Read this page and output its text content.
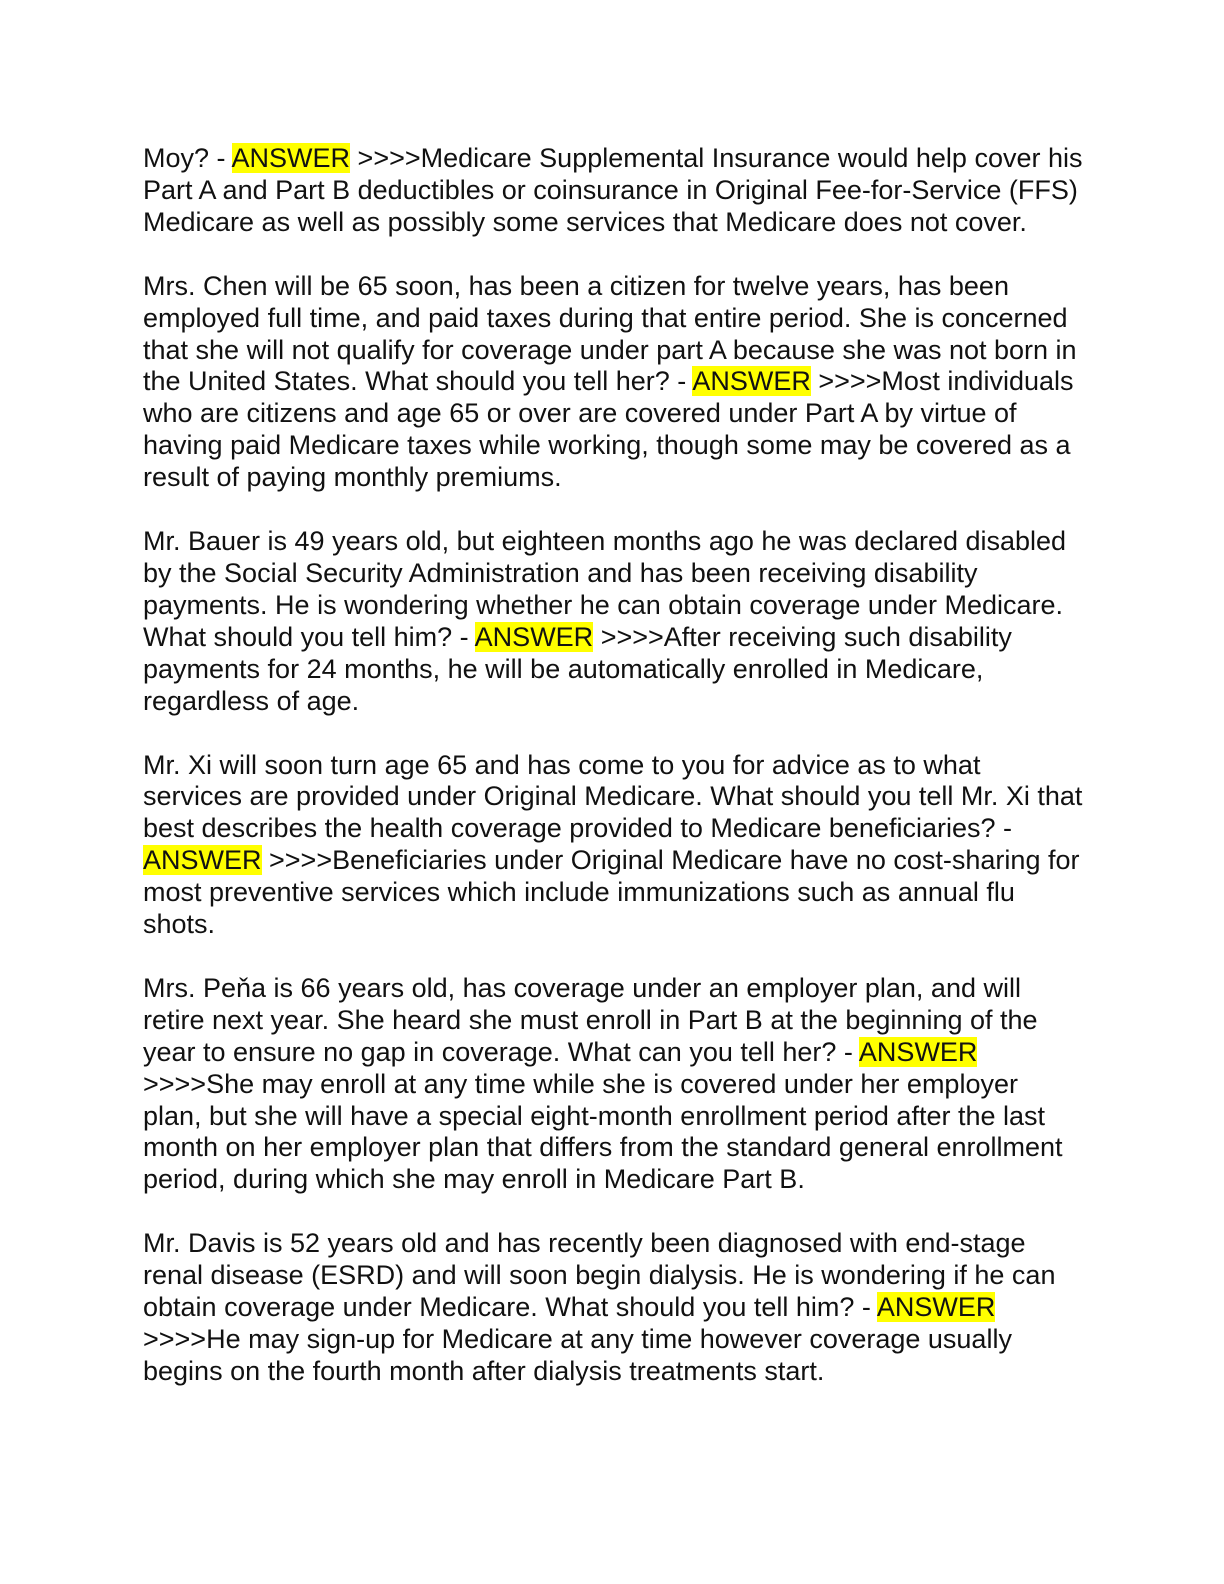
Moy? - ANSWER >>>>Medicare Supplemental Insurance would help cover his Part A and Part B deductibles or coinsurance in Original Fee-for-Service (FFS) Medicare as well as possibly some services that Medicare does not cover.

Mrs. Chen will be 65 soon, has been a citizen for twelve years, has been employed full time, and paid taxes during that entire period. She is concerned that she will not qualify for coverage under part A because she was not born in the United States. What should you tell her? - ANSWER >>>>Most individuals who are citizens and age 65 or over are covered under Part A by virtue of having paid Medicare taxes while working, though some may be covered as a result of paying monthly premiums.

Mr. Bauer is 49 years old, but eighteen months ago he was declared disabled by the Social Security Administration and has been receiving disability payments. He is wondering whether he can obtain coverage under Medicare. What should you tell him? - ANSWER >>>>After receiving such disability payments for 24 months, he will be automatically enrolled in Medicare, regardless of age.

Mr. Xi will soon turn age 65 and has come to you for advice as to what services are provided under Original Medicare. What should you tell Mr. Xi that best describes the health coverage provided to Medicare beneficiaries? - ANSWER >>>>Beneficiaries under Original Medicare have no cost-sharing for most preventive services which include immunizations such as annual flu shots.

Mrs. Peňa is 66 years old, has coverage under an employer plan, and will retire next year. She heard she must enroll in Part B at the beginning of the year to ensure no gap in coverage. What can you tell her? - ANSWER >>>>She may enroll at any time while she is covered under her employer plan, but she will have a special eight-month enrollment period after the last month on her employer plan that differs from the standard general enrollment period, during which she may enroll in Medicare Part B.

Mr. Davis is 52 years old and has recently been diagnosed with end-stage renal disease (ESRD) and will soon begin dialysis. He is wondering if he can obtain coverage under Medicare. What should you tell him? - ANSWER >>>>He may sign-up for Medicare at any time however coverage usually begins on the fourth month after dialysis treatments start.
